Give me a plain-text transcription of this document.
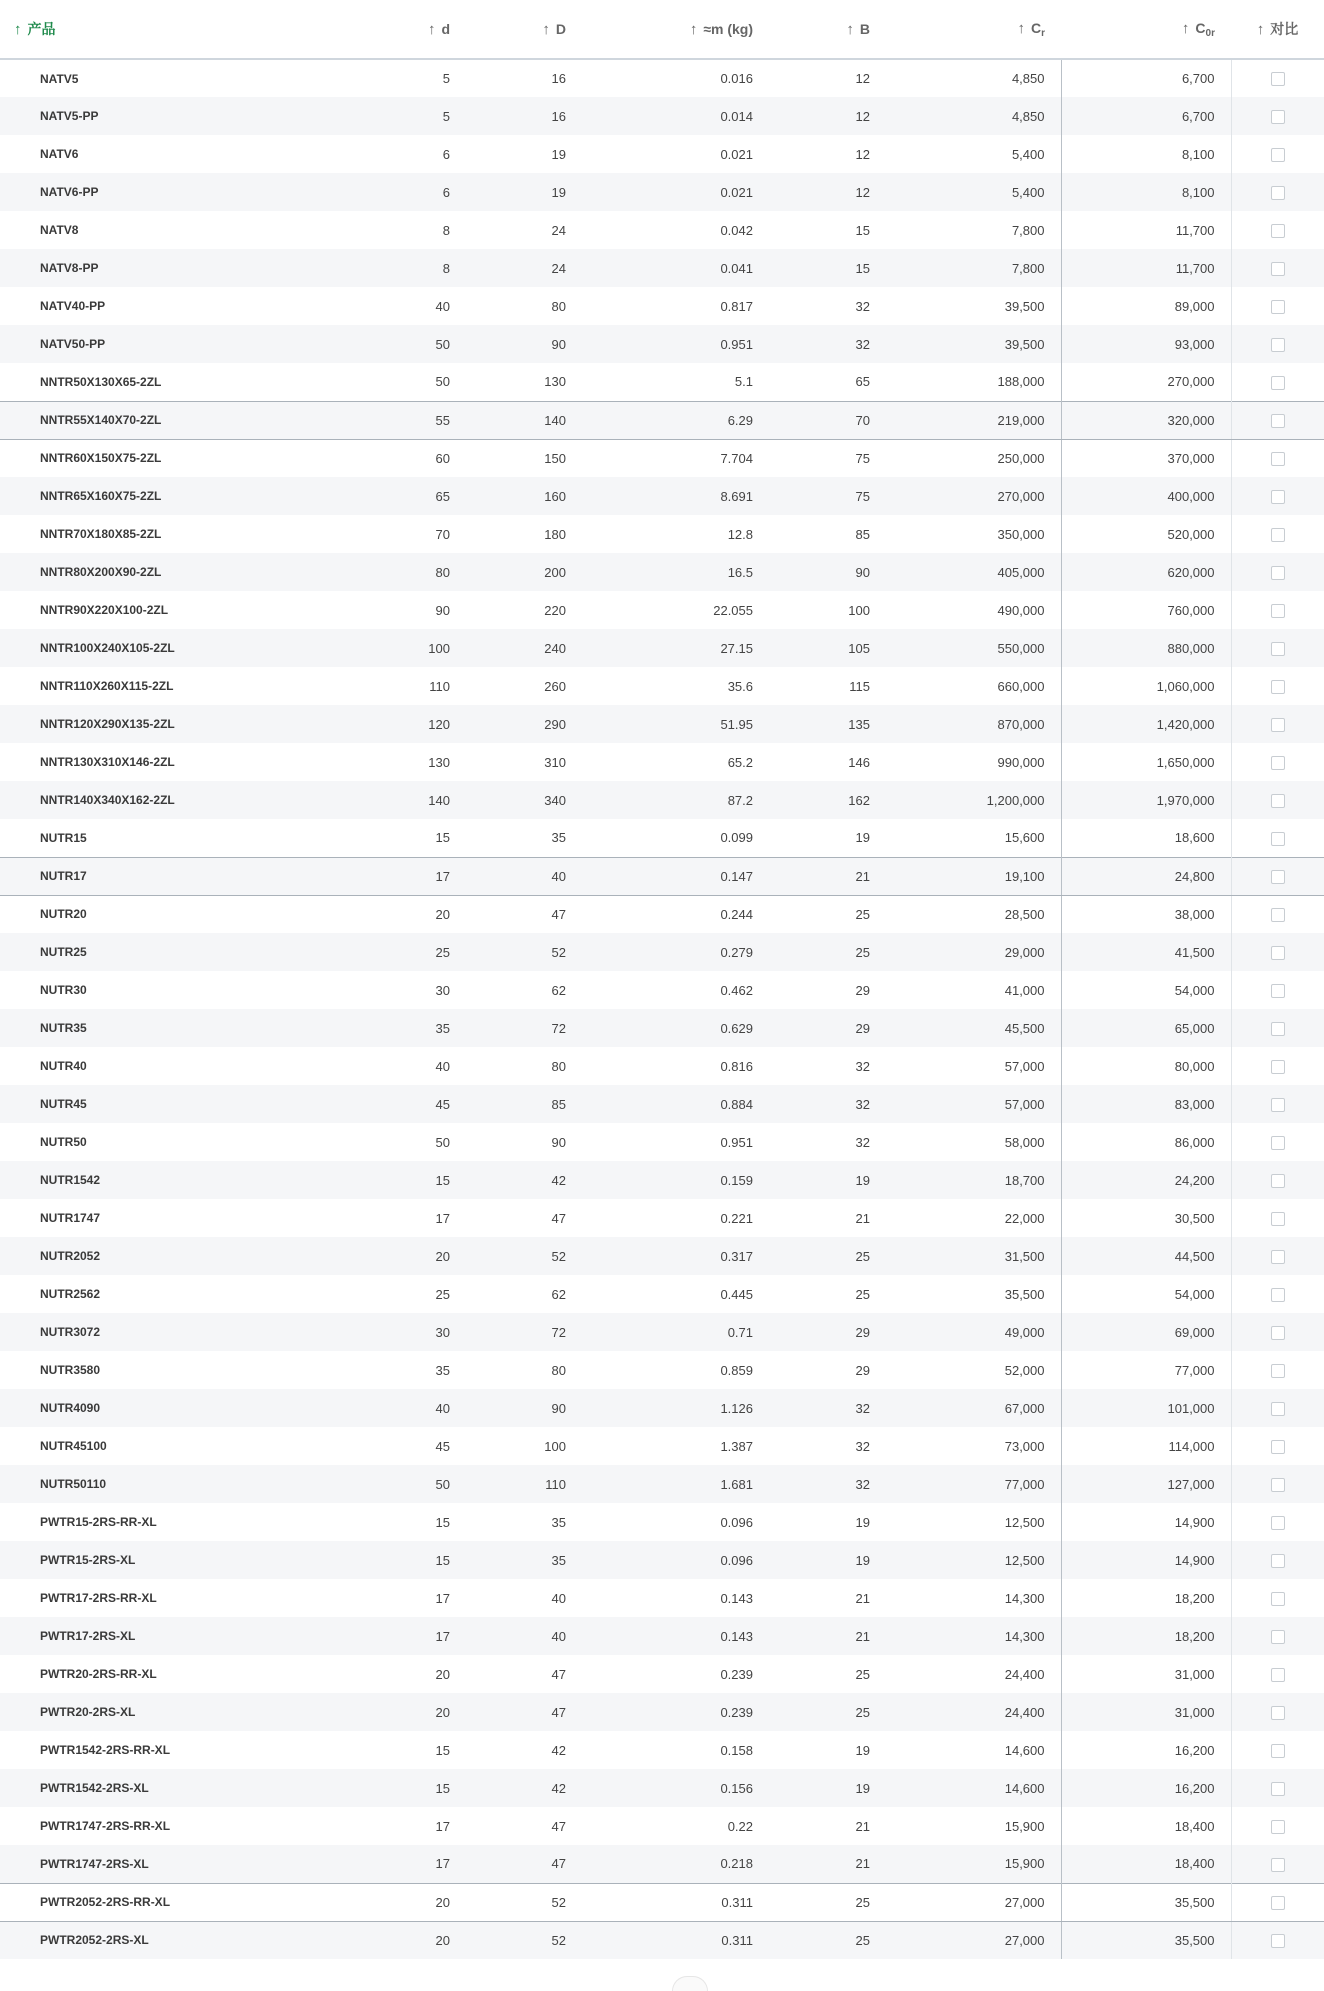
↑ 产品	↑ d	↑ D	↑ ≈m (kg)	↑ B	↑ $C_r$	↑ $C_{0r}$	↑ 对比
NATV5	5	16	0.016	12	4,850	6,700	
NATV5-PP	5	16	0.014	12	4,850	6,700	
NATV6	6	19	0.021	12	5,400	8,100	
NATV6-PP	6	19	0.021	12	5,400	8,100	
NATV8	8	24	0.042	15	7,800	11,700	
NATV8-PP	8	24	0.041	15	7,800	11,700	
NATV40-PP	40	80	0.817	32	39,500	89,000	
NATV50-PP	50	90	0.951	32	39,500	93,000	
NNTR50X130X65-2ZL	50	130	5.1	65	188,000	270,000	
NNTR55X140X70-2ZL	55	140	6.29	70	219,000	320,000	
NNTR60X150X75-2ZL	60	150	7.704	75	250,000	370,000	
NNTR65X160X75-2ZL	65	160	8.691	75	270,000	400,000	
NNTR70X180X85-2ZL	70	180	12.8	85	350,000	520,000	
NNTR80X200X90-2ZL	80	200	16.5	90	405,000	620,000	
NNTR90X220X100-2ZL	90	220	22.055	100	490,000	760,000	
NNTR100X240X105-2ZL	100	240	27.15	105	550,000	880,000	
NNTR110X260X115-2ZL	110	260	35.6	115	660,000	1,060,000	
NNTR120X290X135-2ZL	120	290	51.95	135	870,000	1,420,000	
NNTR130X310X146-2ZL	130	310	65.2	146	990,000	1,650,000	
NNTR140X340X162-2ZL	140	340	87.2	162	1,200,000	1,970,000	
NUTR15	15	35	0.099	19	15,600	18,600	
NUTR17	17	40	0.147	21	19,100	24,800	
NUTR20	20	47	0.244	25	28,500	38,000	
NUTR25	25	52	0.279	25	29,000	41,500	
NUTR30	30	62	0.462	29	41,000	54,000	
NUTR35	35	72	0.629	29	45,500	65,000	
NUTR40	40	80	0.816	32	57,000	80,000	
NUTR45	45	85	0.884	32	57,000	83,000	
NUTR50	50	90	0.951	32	58,000	86,000	
NUTR1542	15	42	0.159	19	18,700	24,200	
NUTR1747	17	47	0.221	21	22,000	30,500	
NUTR2052	20	52	0.317	25	31,500	44,500	
NUTR2562	25	62	0.445	25	35,500	54,000	
NUTR3072	30	72	0.71	29	49,000	69,000	
NUTR3580	35	80	0.859	29	52,000	77,000	
NUTR4090	40	90	1.126	32	67,000	101,000	
NUTR45100	45	100	1.387	32	73,000	114,000	
NUTR50110	50	110	1.681	32	77,000	127,000	
PWTR15-2RS-RR-XL	15	35	0.096	19	12,500	14,900	
PWTR15-2RS-XL	15	35	0.096	19	12,500	14,900	
PWTR17-2RS-RR-XL	17	40	0.143	21	14,300	18,200	
PWTR17-2RS-XL	17	40	0.143	21	14,300	18,200	
PWTR20-2RS-RR-XL	20	47	0.239	25	24,400	31,000	
PWTR20-2RS-XL	20	47	0.239	25	24,400	31,000	
PWTR1542-2RS-RR-XL	15	42	0.158	19	14,600	16,200	
PWTR1542-2RS-XL	15	42	0.156	19	14,600	16,200	
PWTR1747-2RS-RR-XL	17	47	0.22	21	15,900	18,400	
PWTR1747-2RS-XL	17	47	0.218	21	15,900	18,400	
PWTR2052-2RS-RR-XL	20	52	0.311	25	27,000	35,500	
PWTR2052-2RS-XL	20	52	0.311	25	27,000	35,500	
